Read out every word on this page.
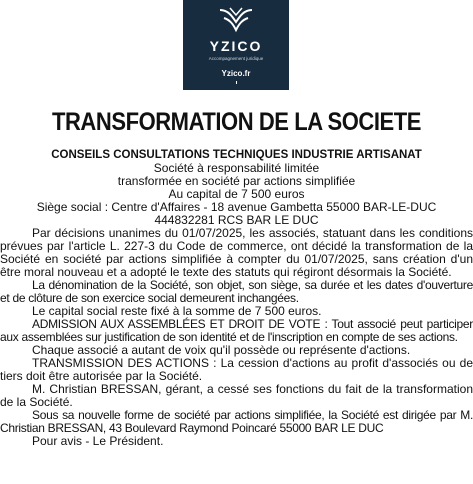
YZICO
Accompagnement juridique
Yzico.fr
TRANSFORMATION DE LA SOCIETE
CONSEILS CONSULTATIONS TECHNIQUES INDUSTRIE ARTISANAT
Société à responsabilité limitée
transformée en société par actions simplifiée
Au capital de 7 500 euros
Siège social : Centre d'Affaires - 18 avenue Gambetta 55000 BAR-LE-DUC
444832281 RCS BAR LE DUC

Par décisions unanimes du 01/07/2025, les associés, statuant dans les conditions prévues par l'article L. 227-3 du Code de commerce, ont décidé la transformation de la Société en société par actions simplifiée à compter du 01/07/2025, sans création d'un être moral nouveau et a adopté le texte des statuts qui régiront désormais la Société.

La dénomination de la Société, son objet, son siège, sa durée et les dates d'ouverture et de clôture de son exercice social demeurent inchangées.

Le capital social reste fixé à la somme de 7 500 euros.

ADMISSION AUX ASSEMBLÉES ET DROIT DE VOTE : Tout associé peut participer aux assemblées sur justification de son identité et de l'inscription en compte de ses actions.

Chaque associé a autant de voix qu'il possède ou représente d'actions.

TRANSMISSION DES ACTIONS : La cession d'actions au profit d'associés ou de tiers doit être autorisée par la Société.

M. Christian BRESSAN, gérant, a cessé ses fonctions du fait de la transformation de la Société.

Sous sa nouvelle forme de société par actions simplifiée, la Société est dirigée par M. Christian BRESSAN, 43 Boulevard Raymond Poincaré 55000 BAR LE DUC

Pour avis - Le Président.
